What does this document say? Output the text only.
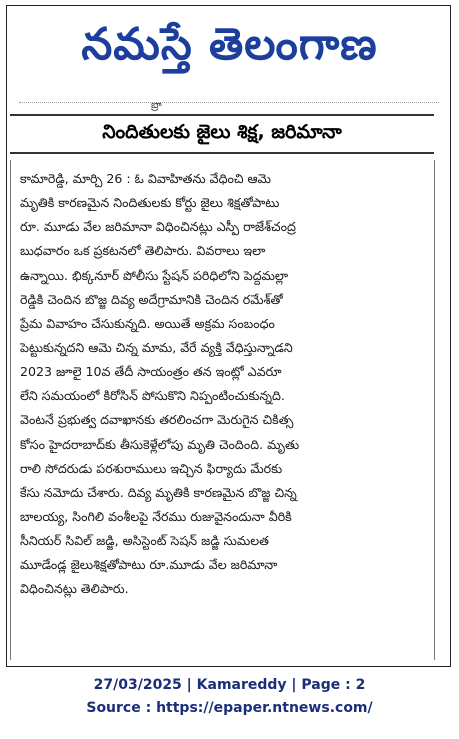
నమస్తే తెలంగాణ
బ్రా
నిందితులకు జైలు శిక్ష, జరిమానా
కామారెడ్డి, మార్చి 26 : ఓ వివాహితను వేధించి ఆమె
మృతికి కారణమైన నిందితులకు కోర్టు జైలు శిక్షతోపాటు
రూ. మూడు వేల జరిమానా విధించినట్లు ఎస్పీ రాజేశ్‌చంద్ర
బుధవారం ఒక ప్రకటనలో తెలిపారు. వివరాలు ఇలా
ఉన్నాయి. భిక్కనూర్ పోలీసు స్టేషన్ పరిధిలోని పెద్దమల్లా
రెడ్డికి చెందిన బొజ్జ దివ్య అదేగ్రామానికి చెందిన రమేశ్‌తో
ప్రేమ వివాహం చేసుకున్నది. అయితే అక్రమ సంబంధం
పెట్టుకున్నదని ఆమె చిన్న మామ, వేరే వ్యక్తి వేధిస్తున్నాడని
2023 జూలై 10వ తేదీ సాయంత్రం తన ఇంట్లో ఎవరూ
లేని సమయంలో కిరోసిన్ పోసుకొని నిప్పంటించుకున్నది.
వెంటనే ప్రభుత్వ దవాఖానకు తరలించగా మెరుగైన చికిత్స
కోసం హైదరాబాద్‌కు తీసుకెళ్లేలోపు మృతి చెందింది. మృతు
రాలి సోదరుడు పరశురాములు ఇచ్చిన ఫిర్యాదు మేరకు
కేసు నమోదు చేశారు. దివ్య మృతికి కారణమైన బొజ్జ చిన్న
బాలయ్య, సింగిలి వంశీలపై నేరము రుజువైనందునా వీరికి
సీనియర్ సివిల్ జడ్జి, అసిస్టెంట్ సెషన్ జడ్జి సుమలత
మూడేండ్ల జైలుశిక్షతోపాటు రూ.మూడు వేల జరిమానా
విధించినట్లు తెలిపారు.
27/03/2025 | Kamareddy | Page : 2
Source : https://epaper.ntnews.com/
